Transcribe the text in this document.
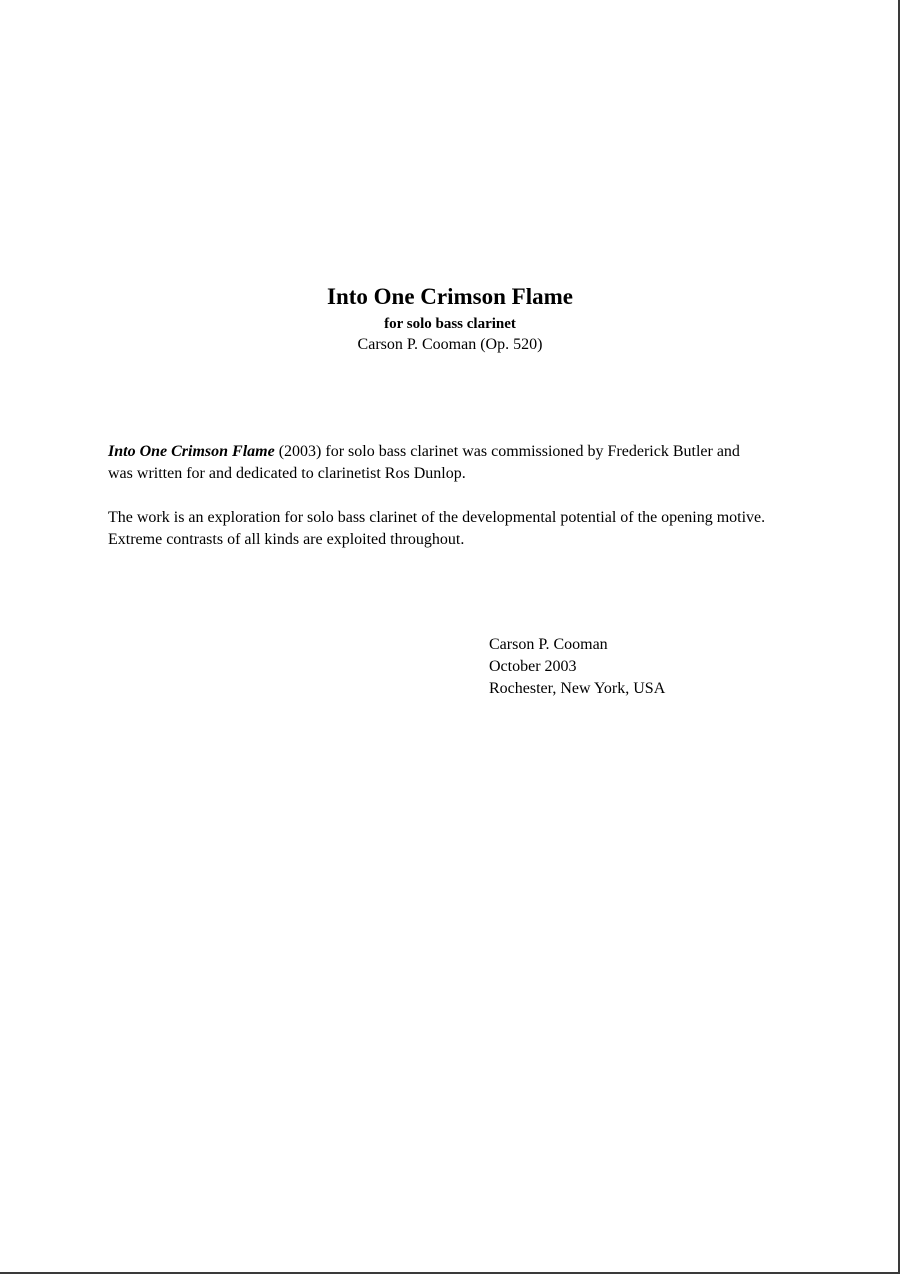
Into One Crimson Flame
for solo bass clarinet
Carson P. Cooman (Op. 520)

Into One Crimson Flame (2003) for solo bass clarinet was commissioned by Frederick Butler and was written for and dedicated to clarinetist Ros Dunlop.

The work is an exploration for solo bass clarinet of the developmental potential of the opening motive. Extreme contrasts of all kinds are exploited throughout.

Carson P. Cooman
October 2003
Rochester, New York, USA
